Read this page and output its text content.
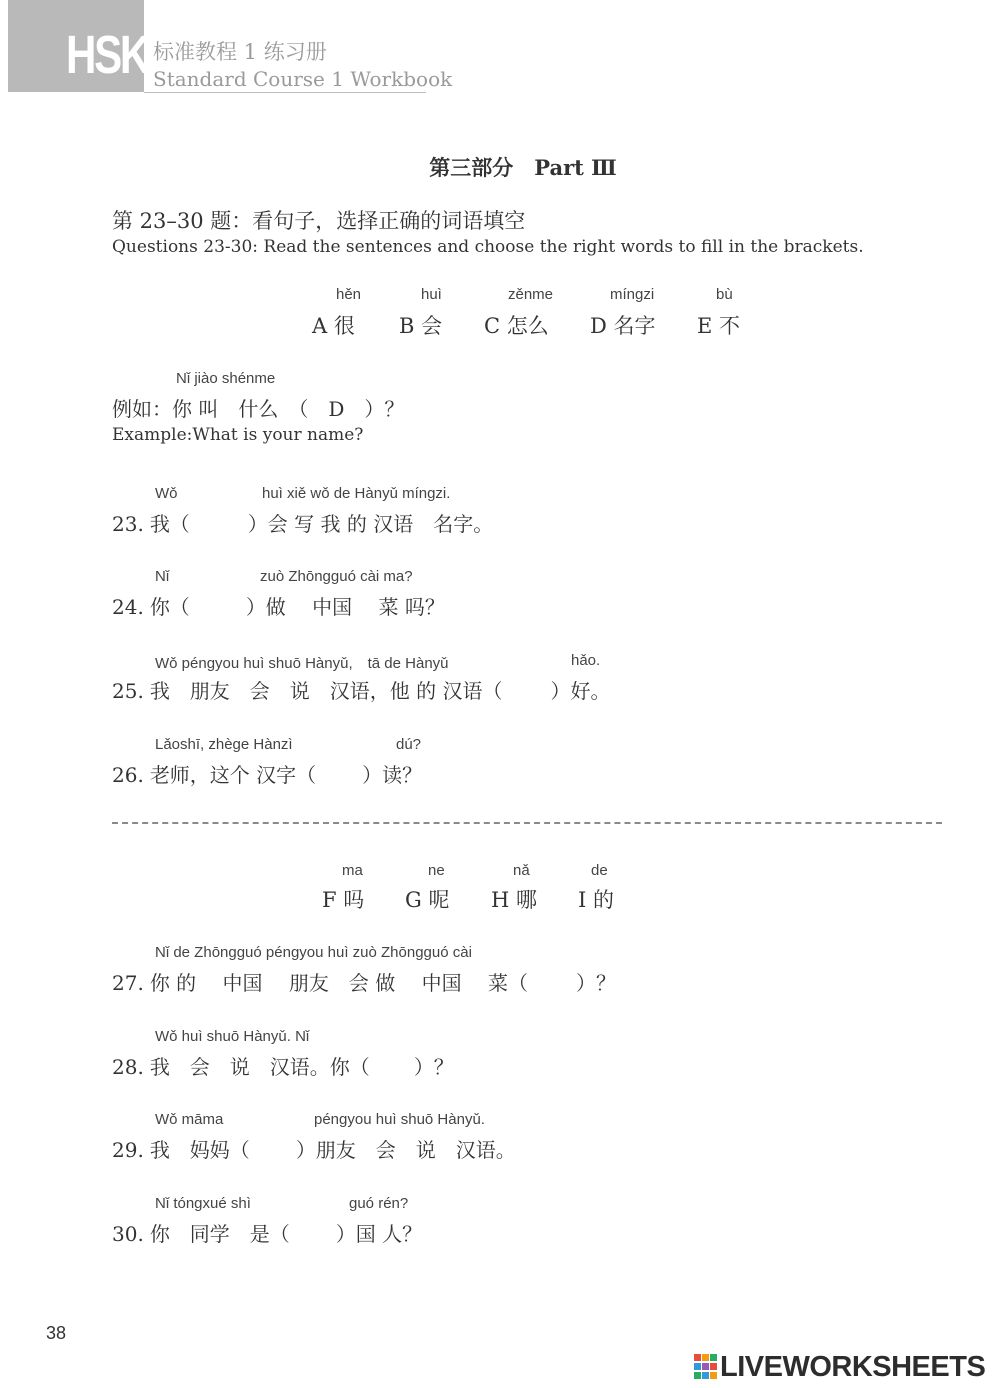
HSK 标准教程 1 练习册
Standard Course 1 Workbook
第三部分　Part Ⅲ
第 23–30 题：看句子，选择正确的词语填空
Questions 23-30: Read the sentences and choose the right words to fill in the brackets.
hěn
A 很
huì
B 会
zěnme
C 怎么
míngzi
D 名字
bù
E 不
Nǐ jiào shénme
例如：你 叫　什么　（　D　）？
Example:What is your name?
Wǒ	huì xiě wǒ de Hànyǔ míngzi.
23. 我（	）会 写 我 的 汉语　名字。
Nǐ	zuò Zhōngguó cài ma?
24. 你（	）做　 中国　 菜 吗？
Wǒ péngyou huì shuō Hànyǔ,　tā de Hànyǔ	hǎo.
25. 我　朋友　会　说　汉语，他 的 汉语（ ）好。
Lǎoshī, zhège Hànzì	dú?
26. 老师，这个 汉字（ ）读？
ma
F 吗
ne
G 呢
nǎ
H 哪
de
I 的
Nǐ de Zhōngguó péngyou huì zuò Zhōngguó cài
27. 你 的　 中国　 朋友　会 做　 中国　 菜（ ）？
Wǒ huì shuō Hànyǔ. Nǐ
28. 我　会　说　汉语。你（ ）？
Wǒ māma	péngyou huì shuō Hànyǔ.
29. 我　妈妈（ ）朋友　会　说　汉语。
Nǐ tóngxué shì	guó rén?
30. 你　同学　是（ ）国 人？
38
LIVEWORKSHEETS
